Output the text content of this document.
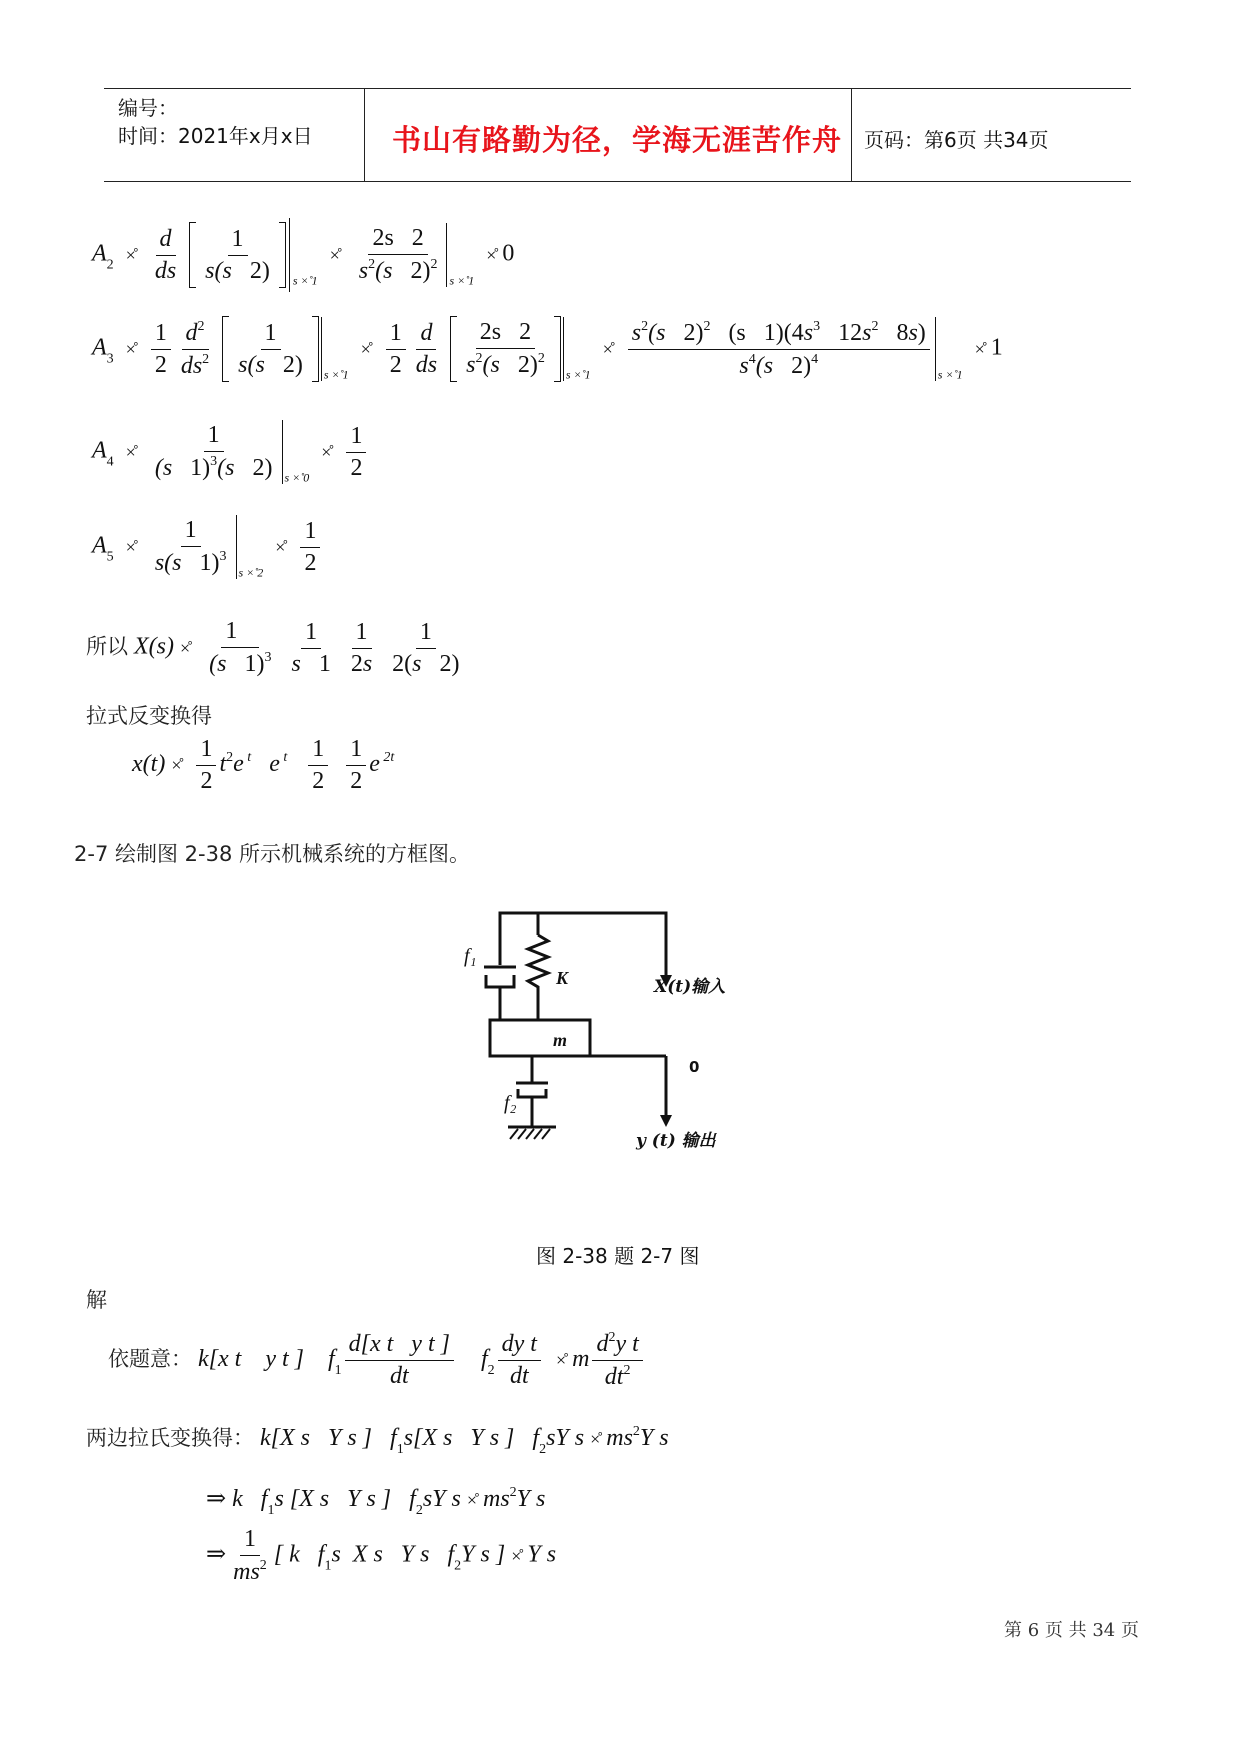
编号：
时间：2021年x月x日	书山有路勤为径，学海无涯苦作舟 页码：第6页 共34页
$A_2$ ×̊ $\frac{d}{ds}$
$\frac{1}{s(s 2)} _{s \times̊ 1}$ ×̊ $\frac{2s 2}{s^2(s 2)^2} _{s \times̊ 1}$ ×̊ 0
$A_3$ ×̊ $\frac{1}{2} \frac{d^2}{ds^2}$
$\frac{1}{s(s 2)} _{s \times̊ 1}$ ×̊ $\frac{1}{2} \frac{d}{ds}$
$\frac{2s 2}{s^2(s 2)^2} _{s \times̊ 1}$ ×̊ $\frac{s^2(s 2)^2 (s 1)(4s^3 12s^2 8s)}{s^4(s 2)^4} _{s \times̊ 1}$ ×̊ 1
$A_4$ ×̊ $\frac{1}{(s 1)^3(s 2)} _{s \times̊ 0}$ ×̊ $\frac{1}{2}$
$A_5$ ×̊ $\frac{1}{s(s 1)^3} _{s \times̊ 2}$ ×̊ $\frac{1}{2}$
所以 X(s) ×̊ $\frac{1}{(s 1)^3}$
$\frac{1}{s 1}$
$\frac{1}{2s}$
$\frac{1}{2(s 2)}$
拉式反变换得
x(t) ×̊ $\frac{1}{2} t^2e$ $^t$   e $^t \frac{1}{2}$
$\frac{1}{2}$ e $^{2t}$
2-7 绘制图 2-38 所示机械系统的方框图。
f₁
K	X(t)输入
m
0
f₂
y (t) 输出
图 2-38 题 2-7 图
解
依题意： k[x t    y t ]    $f_1 \frac{\text{d[x t   y t ]}}{dt} f_2 \frac{\text{dy t}}{dt}$ ×̊ m $\frac{d^2y t}{dt^2}$
两边拉氏变换得： k[X s   Y s ]   $f_1s[X$ s   Y s ]   $f_2sY$ s ×̊ $ms^2Y$ s
⇒ k   $f_1s$ [X s   Y s ]   $f_2sY$ s ×̊ $ms^2Y$ s
⇒ $\frac{1}{ms^2}$ [ k   $f_1s$  X s   Y s   $f_2Y$ s ] ×̊ Y s
第 6 页 共 34 页
